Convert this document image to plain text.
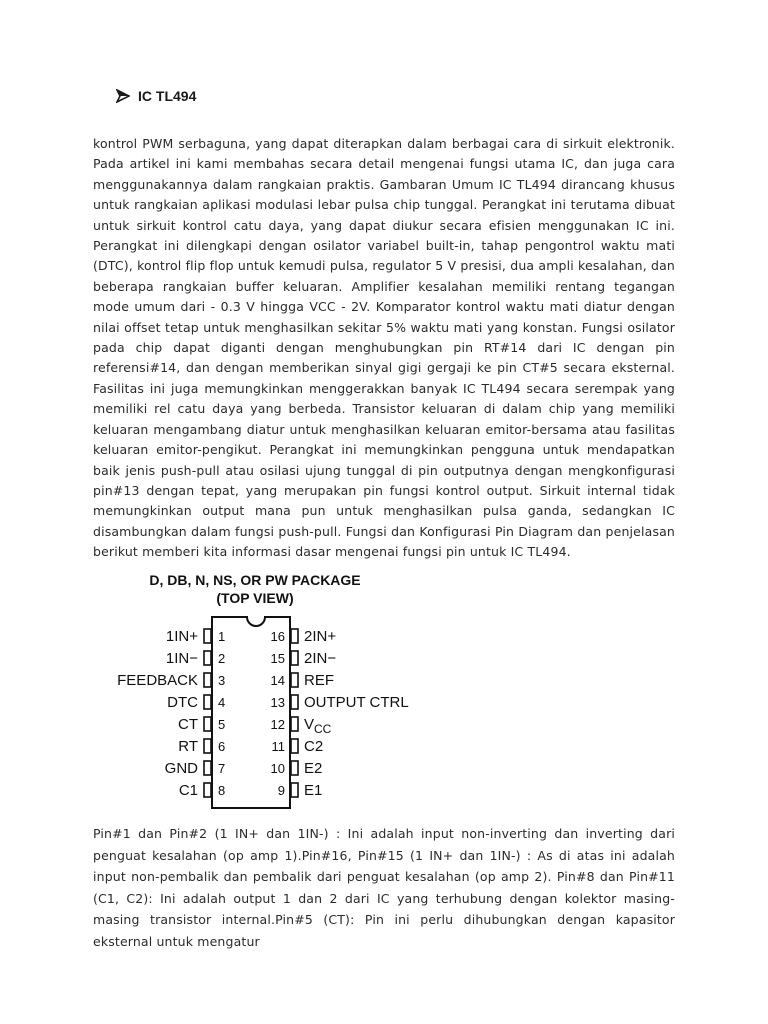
IC TL494

kontrol PWM serbaguna, yang dapat diterapkan dalam berbagai cara di sirkuit elektronik. Pada artikel ini kami membahas secara detail mengenai fungsi utama IC, dan juga cara menggunakannya dalam rangkaian praktis. Gambaran Umum IC TL494 dirancang khusus untuk rangkaian aplikasi modulasi lebar pulsa chip tunggal. Perangkat ini terutama dibuat untuk sirkuit kontrol catu daya, yang dapat diukur secara efisien menggunakan IC ini. Perangkat ini dilengkapi dengan osilator variabel built-in, tahap pengontrol waktu mati (DTC), kontrol flip flop untuk kemudi pulsa, regulator 5 V presisi, dua ampli kesalahan, dan beberapa rangkaian buffer keluaran. Amplifier kesalahan memiliki rentang tegangan mode umum dari - 0.3 V hingga VCC - 2V. Komparator kontrol waktu mati diatur dengan nilai offset tetap untuk menghasilkan sekitar 5% waktu mati yang konstan. Fungsi osilator pada chip dapat diganti dengan menghubungkan pin RT#14 dari IC dengan pin referensi#14, dan dengan memberikan sinyal gigi gergaji ke pin CT#5 secara eksternal. Fasilitas ini juga memungkinkan menggerakkan banyak IC TL494 secara serempak yang memiliki rel catu daya yang berbeda. Transistor keluaran di dalam chip yang memiliki keluaran mengambang diatur untuk menghasilkan keluaran emitor-bersama atau fasilitas keluaran emitor-pengikut. Perangkat ini memungkinkan pengguna untuk mendapatkan baik jenis push-pull atau osilasi ujung tunggal di pin outputnya dengan mengkonfigurasi pin#13 dengan tepat, yang merupakan pin fungsi kontrol output. Sirkuit internal tidak memungkinkan output mana pun untuk menghasilkan pulsa ganda, sedangkan IC disambungkan dalam fungsi push-pull. Fungsi dan Konfigurasi Pin Diagram dan penjelasan berikut memberi kita informasi dasar mengenai fungsi pin untuk IC TL494.

D, DB, N, NS, OR PW PACKAGE
(TOP VIEW)
1
1IN+
2
1IN−
3
FEEDBACK
4
DTC
5
CT
6
RT
7
GND
8
C1
16 2IN+
15 2IN−
14 REF
13 OUTPUT CTRL
12 $V_{CC}$
11 C2
10 E2
9 E1

Pin#1 dan Pin#2 (1 IN+ dan 1IN-) : Ini adalah input non-inverting dan inverting dari penguat kesalahan (op amp 1).Pin#16, Pin#15 (1 IN+ dan 1IN-) : As di atas ini adalah input non-pembalik dan pembalik dari penguat kesalahan (op amp 2). Pin#8 dan Pin#11 (C1, C2): Ini adalah output 1 dan 2 dari IC yang terhubung dengan kolektor masing-masing transistor internal.Pin#5 (CT): Pin ini perlu dihubungkan dengan kapasitor eksternal untuk mengatur
